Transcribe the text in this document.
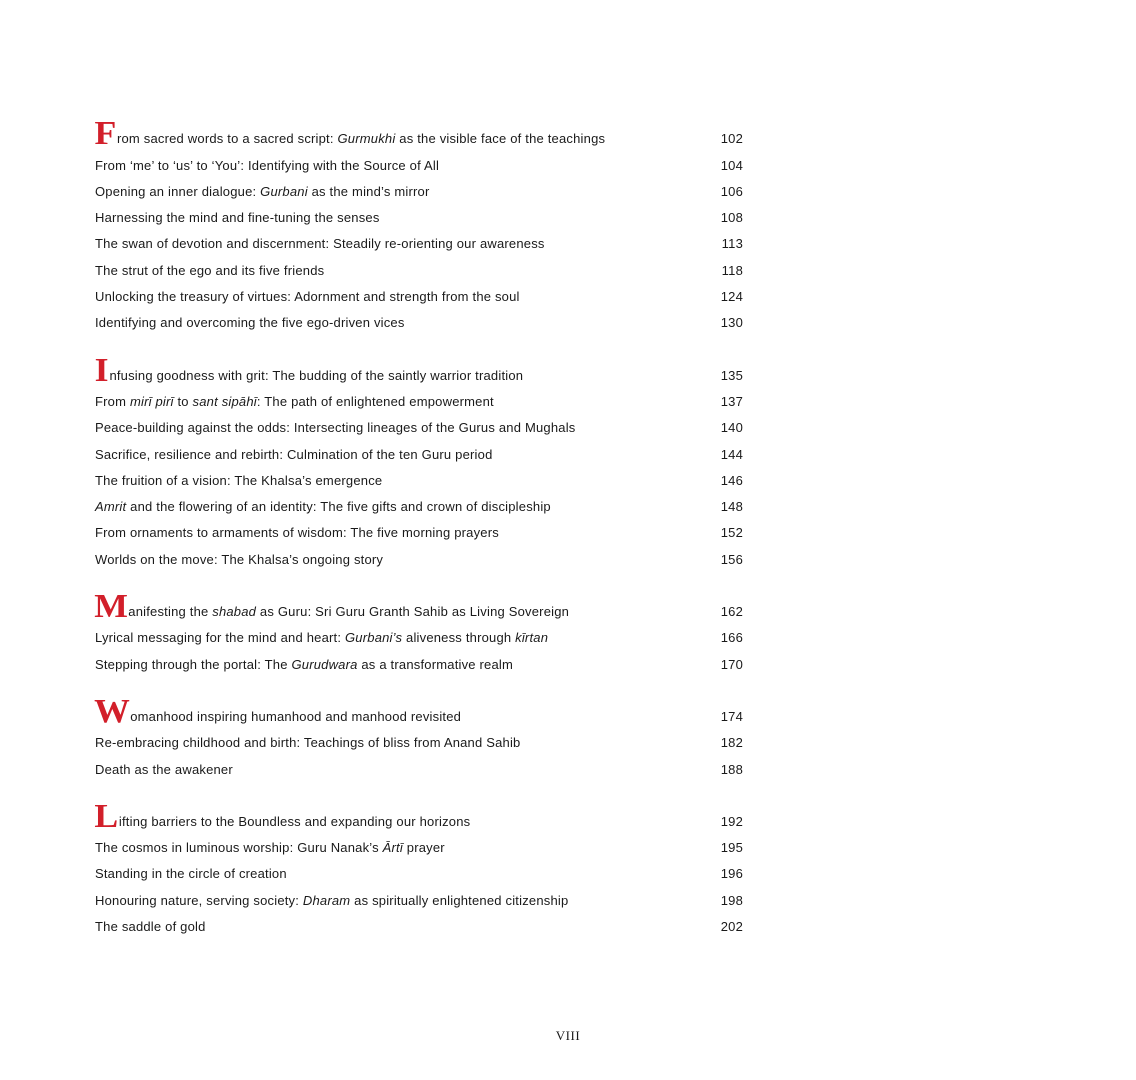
F rom sacred words to a sacred script: Gurmukhi as the visible face of the teachings	102
From ‘me’ to ‘us’ to ‘You’: Identifying with the Source of All	104
Opening an inner dialogue: Gurbani as the mind’s mirror	106
Harnessing the mind and fine-tuning the senses	108
The swan of devotion and discernment: Steadily re-orienting our awareness	113
The strut of the ego and its five friends	118
Unlocking the treasury of virtues: Adornment and strength from the soul	124
Identifying and overcoming the five ego-driven vices	130
I nfusing goodness with grit: The budding of the saintly warrior tradition	135
From mirī pirī to sant sipāhī: The path of enlightened empowerment	137
Peace-building against the odds: Intersecting lineages of the Gurus and Mughals	140
Sacrifice, resilience and rebirth: Culmination of the ten Guru period	144
The fruition of a vision: The Khalsa’s emergence	146
Amrit and the flowering of an identity: The five gifts and crown of discipleship	148
From ornaments to armaments of wisdom: The five morning prayers	152
Worlds on the move: The Khalsa’s ongoing story	156
M anifesting the shabad as Guru: Sri Guru Granth Sahib as Living Sovereign	162
Lyrical messaging for the mind and heart: Gurbani’s aliveness through kīrtan	166
Stepping through the portal: The Gurudwara as a transformative realm	170
W omanhood inspiring humanhood and manhood revisited	174
Re-embracing childhood and birth: Teachings of bliss from Anand Sahib	182
Death as the awakener	188
L ifting barriers to the Boundless and expanding our horizons	192
The cosmos in luminous worship: Guru Nanak’s Ārtī prayer	195
Standing in the circle of creation	196
Honouring nature, serving society: Dharam as spiritually enlightened citizenship	198
The saddle of gold	202
VIII
